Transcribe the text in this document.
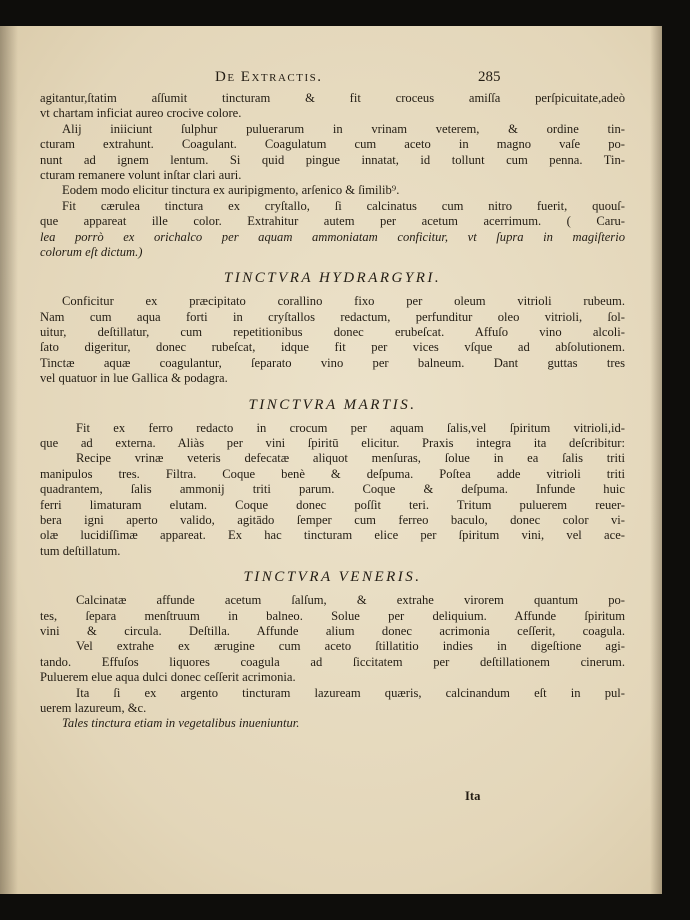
De Extractis.	285
agitantur,ſtatim aſſumit tincturam & fit croceus amiſſa perſpicuitate,adeò
vt chartam inficiat aureo crocive colore.
Alij iniiciunt ſulphur puluerarum in vrinam veterem, & ordine tin-
cturam extrahunt. Coagulant. Coagulatum cum aceto in magno vaſe po-
nunt ad ignem lentum. Si quid pingue innatat, id tollunt cum penna. Tin-
cturam remanere volunt inſtar clari auri.
Eodem modo elicitur tinctura ex auripigmento, arſenico & ſimilib⁹.
Fit cærulea tinctura ex cryſtallo, ſi calcinatus cum nitro fuerit, quouſ-
que appareat ille color. Extrahitur autem per acetum acerrimum. ( Caru-
lea porrò ex orichalco per aquam ammoniatam conficitur, vt ſupra in magiſterio
colorum eſt dictum.)
TINCTVRA HYDRARGYRI.
Conficitur ex præcipitato corallino fixo per oleum vitrioli rubeum.
Nam cum aqua forti in cryſtallos redactum, perfunditur oleo vitrioli, ſol-
uitur, deſtillatur, cum repetitionibus donec erubeſcat. Affuſo vino alcoli-
ſato digeritur, donec rubeſcat, idque fit per vices vſque ad abſolutionem.
Tinctæ aquæ coagulantur, ſeparato vino per balneum. Dant guttas tres
vel quatuor in lue Gallica & podagra.
TINCTVRA MARTIS.
Fit ex ferro redacto in crocum per aquam ſalis,vel ſpiritum vitrioli,id-
que ad externa. Aliàs per vini ſpiritū elicitur. Praxis integra ita deſcribitur:
Recipe vrinæ veteris defecatæ aliquot menſuras, ſolue in ea ſalis triti
manipulos tres. Filtra. Coque benè & deſpuma. Poſtea adde vitrioli triti
quadrantem, ſalis ammonij triti parum. Coque & deſpuma. Infunde huic
ferri limaturam elutam. Coque donec poſſit teri. Tritum puluerem reuer-
bera igni aperto valido, agitādo ſemper cum ferreo baculo, donec color vi-
olæ lucidiſſimæ appareat. Ex hac tincturam elice per ſpiritum vini, vel ace-
tum deſtillatum.
TINCTVRA VENERIS.
Calcinatæ affunde acetum ſalſum, & extrahe virorem quantum po-
tes, ſepara menſtruum in balneo. Solue per deliquium. Affunde ſpiritum
vini & circula. Deſtilla. Affunde alium donec acrimonia ceſſerit, coagula.
Vel extrahe ex ærugine cum aceto ſtillatitio indies in digeſtione agi-
tando. Effuſos liquores coagula ad ſiccitatem per deſtillationem cinerum.
Puluerem elue aqua dulci donec ceſſerit acrimonia.
Ita ſi ex argento tincturam lazuream quæris, calcinandum eſt in pul-
uerem lazureum, &c.
Tales tinctura etiam in vegetalibus inueniuntur.
Ita
